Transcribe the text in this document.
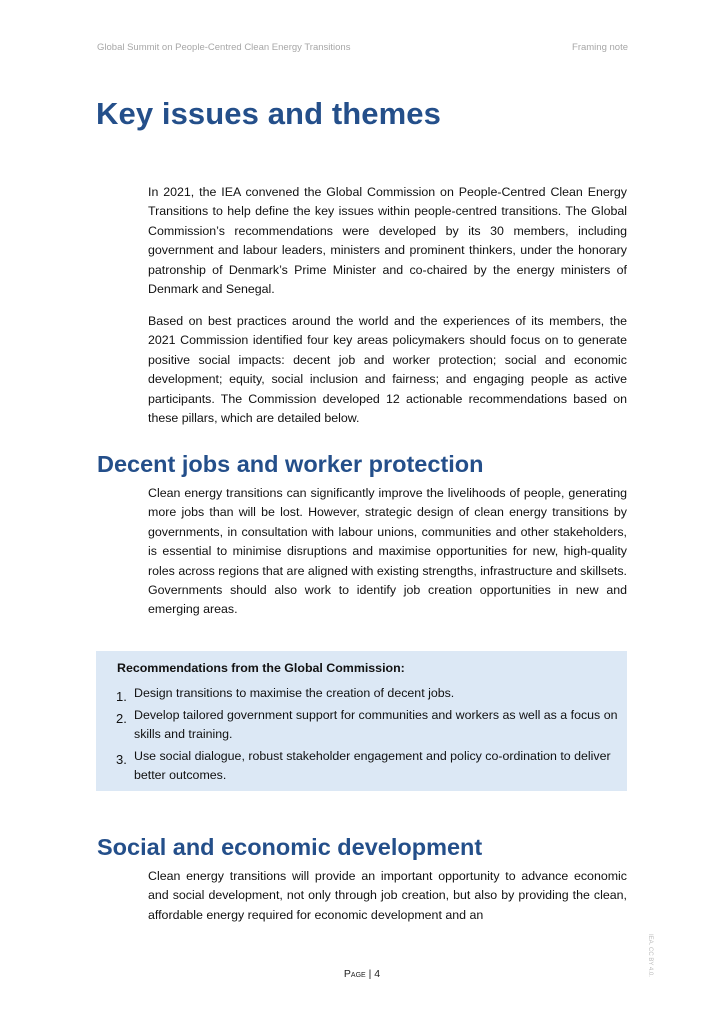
Global Summit on People-Centred Clean Energy Transitions	Framing note
Key issues and themes

In 2021, the IEA convened the Global Commission on People-Centred Clean Energy Transitions to help define the key issues within people-centred transitions. The Global Commission’s recommendations were developed by its 30 members, including government and labour leaders, ministers and prominent thinkers, under the honorary patronship of Denmark’s Prime Minister and co-chaired by the energy ministers of Denmark and Senegal.

Based on best practices around the world and the experiences of its members, the 2021 Commission identified four key areas policymakers should focus on to generate positive social impacts: decent job and worker protection; social and economic development; equity, social inclusion and fairness; and engaging people as active participants. The Commission developed 12 actionable recommendations based on these pillars, which are detailed below.

Decent jobs and worker protection

Clean energy transitions can significantly improve the livelihoods of people, generating more jobs than will be lost. However, strategic design of clean energy transitions by governments, in consultation with labour unions, communities and other stakeholders, is essential to minimise disruptions and maximise opportunities for new, high-quality roles across regions that are aligned with existing strengths, infrastructure and skillsets. Governments should also work to identify job creation opportunities in new and emerging areas.

Recommendations from the Global Commission:

1. Design transitions to maximise the creation of decent jobs.
2. Develop tailored government support for communities and workers as well as a focus on skills and training.
3. Use social dialogue, robust stakeholder engagement and policy co-ordination to deliver better outcomes.
Social and economic development

Clean energy transitions will provide an important opportunity to advance economic and social development, not only through job creation, but also by providing the clean, affordable energy required for economic development and an

Page | 4	IEA. CC BY 4.0.
